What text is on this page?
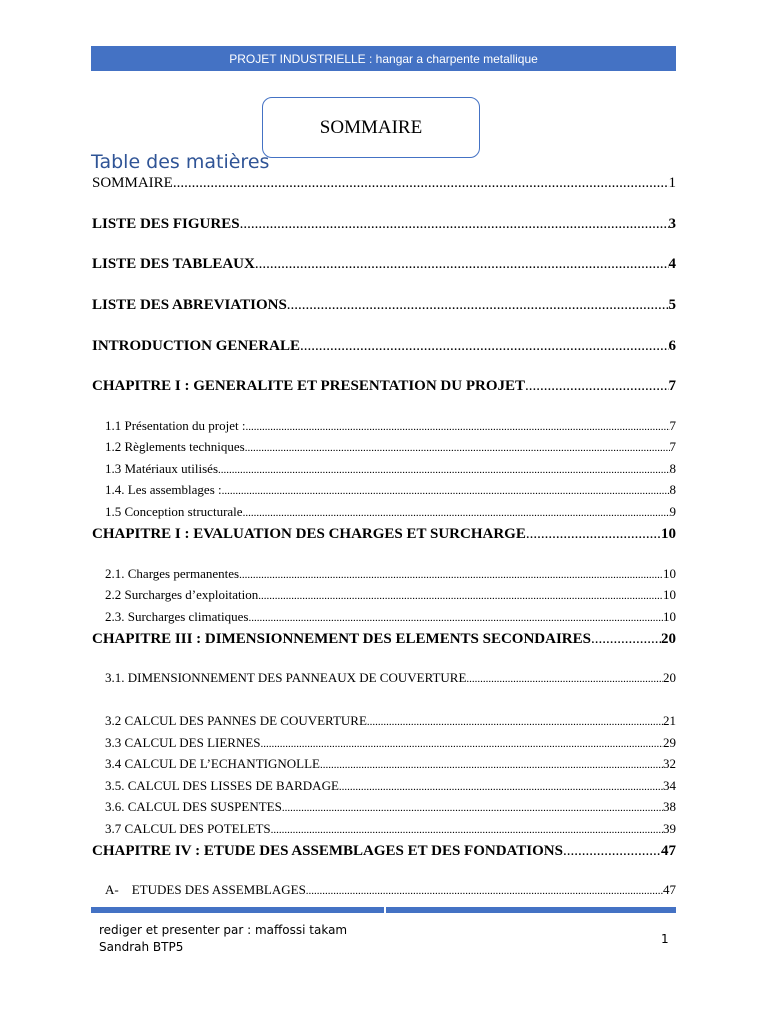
PROJET INDUSTRIELLE : hangar a charpente metallique
SOMMAIRE
Table des matières
SOMMAIRE .....	1
LISTE DES FIGURES .....	3
LISTE DES TABLEAUX .....	4
LISTE DES ABREVIATIONS .....	5
INTRODUCTION GENERALE .....	6
CHAPITRE I : GENERALITE ET PRESENTATION DU PROJET .....	7
1.1 Présentation du projet : .....	7
1.2 Règlements techniques .....	7
1.3 Matériaux utilisés .....	8
1.4. Les assemblages : .....	8
1.5 Conception structurale .....	9
CHAPITRE I : EVALUATION DES CHARGES ET SURCHARGE .....	10
2.1. Charges permanentes .....	10
2.2 Surcharges d’exploitation .....	10
2.3. Surcharges climatiques .....	10
CHAPITRE III : DIMENSIONNEMENT DES ELEMENTS SECONDAIRES .....	20
3.1. DIMENSIONNEMENT DES PANNEAUX DE COUVERTURE .....	20
3.2 CALCUL DES PANNES DE COUVERTURE .....	21
3.3 CALCUL DES LIERNES .....	29
3.4 CALCUL DE L’ECHANTIGNOLLE .....	32
3.5. CALCUL DES LISSES DE BARDAGE .....	34
3.6. CALCUL DES SUSPENTES .....	38
3.7 CALCUL DES POTELETS .....	39
CHAPITRE IV : ETUDE DES ASSEMBLAGES ET DES FONDATIONS .....	47
A-    ETUDES DES ASSEMBLAGES .....	47
rediger et presenter par : maffossi takam
Sandrah BTP5
1
